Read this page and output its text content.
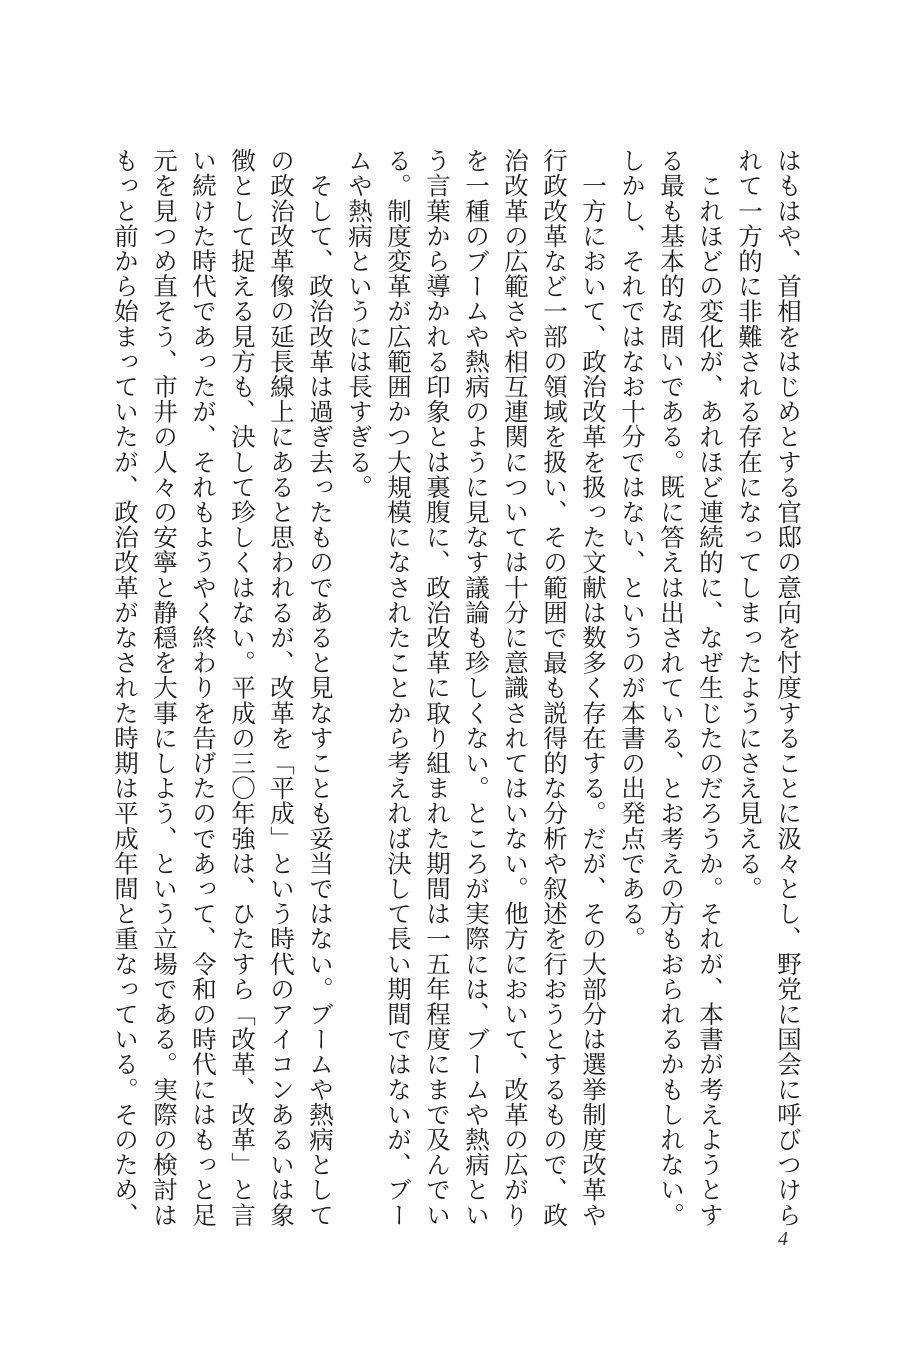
はもはや、首相をはじめとする官邸の意向を忖度することに汲々とし、野党に国会に呼びつけら
れて一方的に非難される存在になってしまったようにさえ見える。
　これほどの変化が、あれほど連続的に、なぜ生じたのだろうか。それが、本書が考えようとす
る最も基本的な問いである。既に答えは出されている、とお考えの方もおられるかもしれない。
しかし、それではなお十分ではない、というのが本書の出発点である。
　一方において、政治改革を扱った文献は数多く存在する。だが、その大部分は選挙制度改革や
行政改革など一部の領域を扱い、その範囲で最も説得的な分析や叙述を行おうとするもので、政
治改革の広範さや相互連関については十分に意識されてはいない。他方において、改革の広がり
を一種のブームや熱病のように見なす議論も珍しくない。ところが実際には、ブームや熱病とい
う言葉から導かれる印象とは裏腹に、政治改革に取り組まれた期間は一五年程度にまで及んでい
る。制度変革が広範囲かつ大規模になされたことから考えれば決して長い期間ではないが、ブー
ムや熱病というには長すぎる。
　そして、政治改革は過ぎ去ったものであると見なすことも妥当ではない。ブームや熱病として
の政治改革像の延長線上にあると思われるが、改革を「平成」という時代のアイコンあるいは象
徴として捉える見方も、決して珍しくはない。平成の三〇年強は、ひたすら「改革、改革」と言
い続けた時代であったが、それもようやく終わりを告げたのであって、令和の時代にはもっと足
元を見つめ直そう、市井の人々の安寧と静穏を大事にしよう、という立場である。実際の検討は
もっと前から始まっていたが、政治改革がなされた時期は平成年間と重なっている。そのため、
4
